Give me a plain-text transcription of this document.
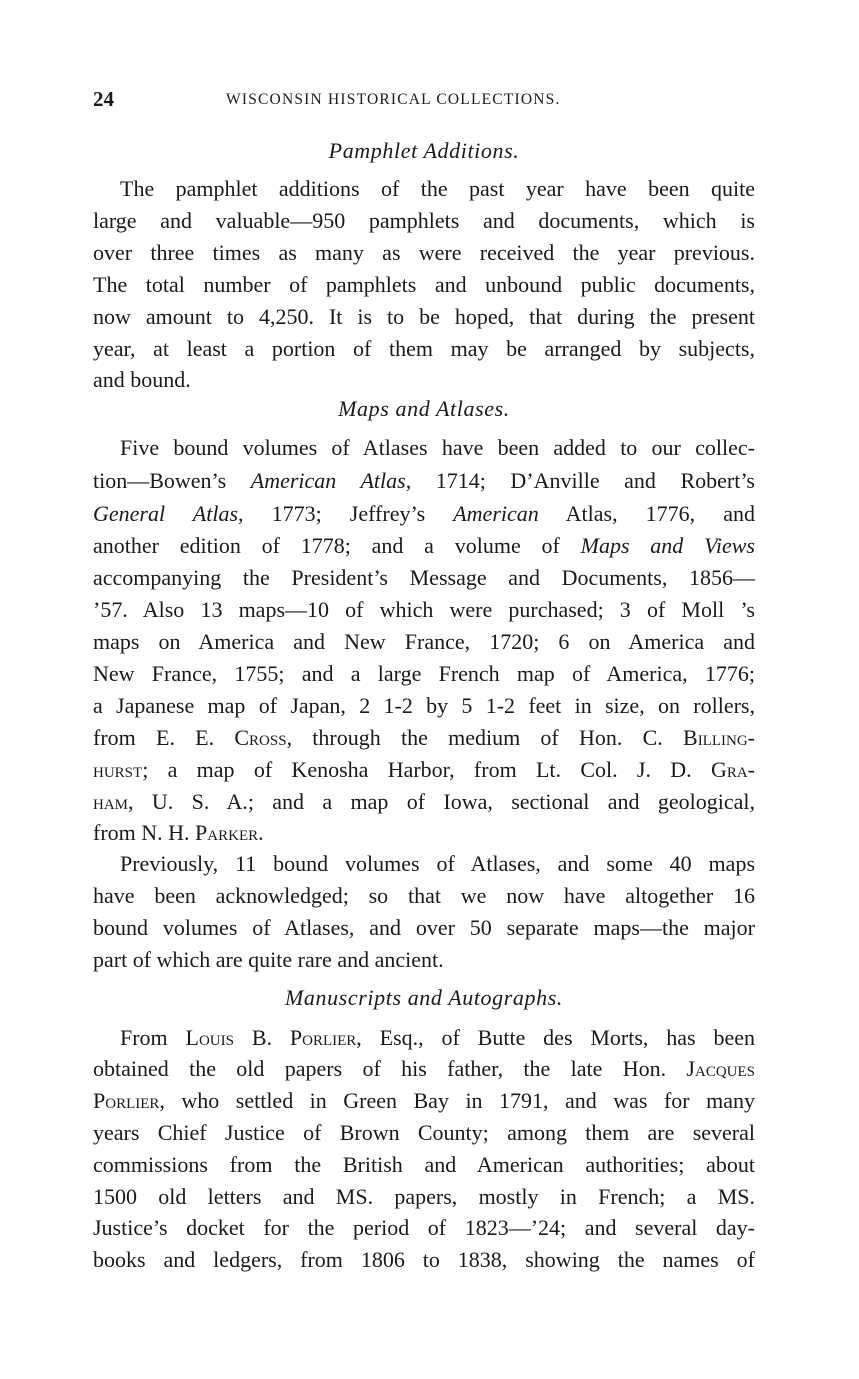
24	WISCONSIN HISTORICAL COLLECTIONS.
Pamphlet Additions.
The pamphlet additions of the past year have been quite
large and valuable—950 pamphlets and documents, which is
over three times as many as were received the year previous.
The total number of pamphlets and unbound public documents,
now amount to 4,250. It is to be hoped, that during the present
year, at least a portion of them may be arranged by subjects,
and bound.
Maps and Atlases.
Five bound volumes of Atlases have been added to our collec-
tion—Bowen’s American Atlas, 1714; D’Anville and Robert’s
General Atlas, 1773; Jeffrey’s American Atlas, 1776, and
another edition of 1778; and a volume of Maps and Views
accompanying the President’s Message and Documents, 1856—
’57. Also 13 maps—10 of which were purchased; 3 of Moll ’s
maps on America and New France, 1720; 6 on America and
New France, 1755; and a large French map of America, 1776;
a Japanese map of Japan, 2 1-2 by 5 1-2 feet in size, on rollers,
from E. E. Cross, through the medium of Hon. C. Billing-
hurst; a map of Kenosha Harbor, from Lt. Col. J. D. Gra-
ham, U. S. A.; and a map of Iowa, sectional and geological,
from N. H. Parker.
Previously, 11 bound volumes of Atlases, and some 40 maps
have been acknowledged; so that we now have altogether 16
bound volumes of Atlases, and over 50 separate maps—the major
part of which are quite rare and ancient.
Manuscripts and Autographs.
From Louis B. Porlier, Esq., of Butte des Morts, has been
obtained the old papers of his father, the late Hon. Jacques
Porlier, who settled in Green Bay in 1791, and was for many
years Chief Justice of Brown County; among them are several
commissions from the British and American authorities; about
1500 old letters and MS. papers, mostly in French; a MS.
Justice’s docket for the period of 1823—’24; and several day-
books and ledgers, from 1806 to 1838, showing the names of
